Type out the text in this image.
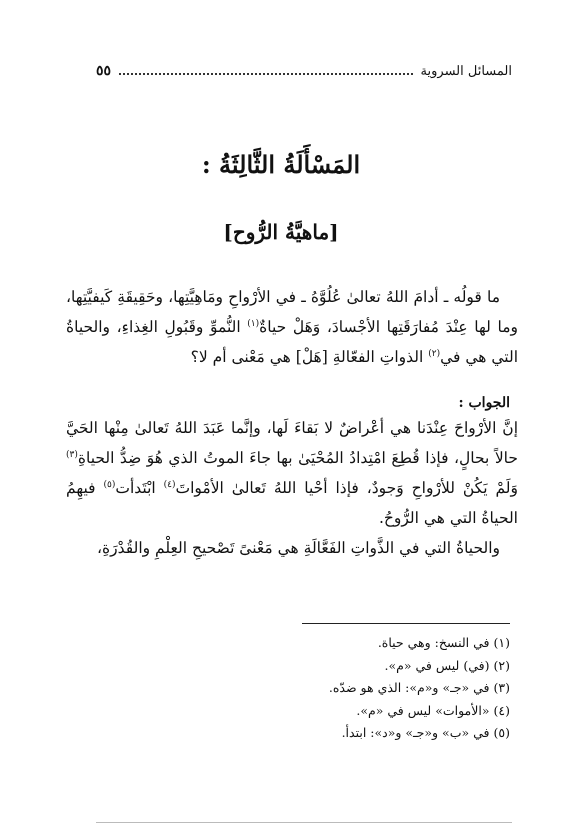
المسائل السروية
٥٥
المَسْأَلَةُ الثَّالِثَةُ :
[ماهيَّةُ الرُّوح]

ما قولُه ـ أدامَ اللهُ تعالىٰ عُلُوَّهُ ـ في الأرْواحِ ومَاهِيَّتِها، وحَقِيقَةِ كَيفيَّتِها، وما لها عِنْدَ مُفارَقَتِها الأجْسادَ، وَهَلْ حياةٌ$^{(١)}$ النُّموِّ وقَبُولِ الغِذاءِ، والحياةُ التي هي في$^{(٢)}$ الذواتِ الفعّالةِ [هَلْ] هي مَعْنى أم لا؟

الجواب :

إنَّ الأرْواحَ عِنْدَنا هي أعْراضٌ لا بَقاءَ لَها، وإنَّما عَبَدَ اللهُ تَعالىٰ مِنْها الحَيَّ حالاً بحالٍ، فإذا قُطِعَ امْتِدادُ المُحْيَىٰ بها جاءَ الموتُ الذي هُوَ ضِدُّ الحياةِ$^{(٣)}$ وَلَمْ يَكُنْ للأرْواحِ وَجودٌ، فإذا أحْيا اللهُ تَعالىٰ الأمْواتَ$^{(٤)}$ ابْتَدأت$^{(٥)}$ فيهِمُ الحياةُ التي هي الرُّوحُ.

والحياةُ التي في الذَّواتِ الفَعَّالَةِ هي مَعْنىً تَصْحيحِ العِلْمِ والقُدْرَةِ،

(١)في النسخ: وهي حياة.
(٢)(في) ليس في «م».
(٣)في «جـ» و«م»: الذي هو ضدّه.
(٤)«الأموات» ليس في «م».
(٥)في «ب» و«جـ» و«د»: ابتدأ.
